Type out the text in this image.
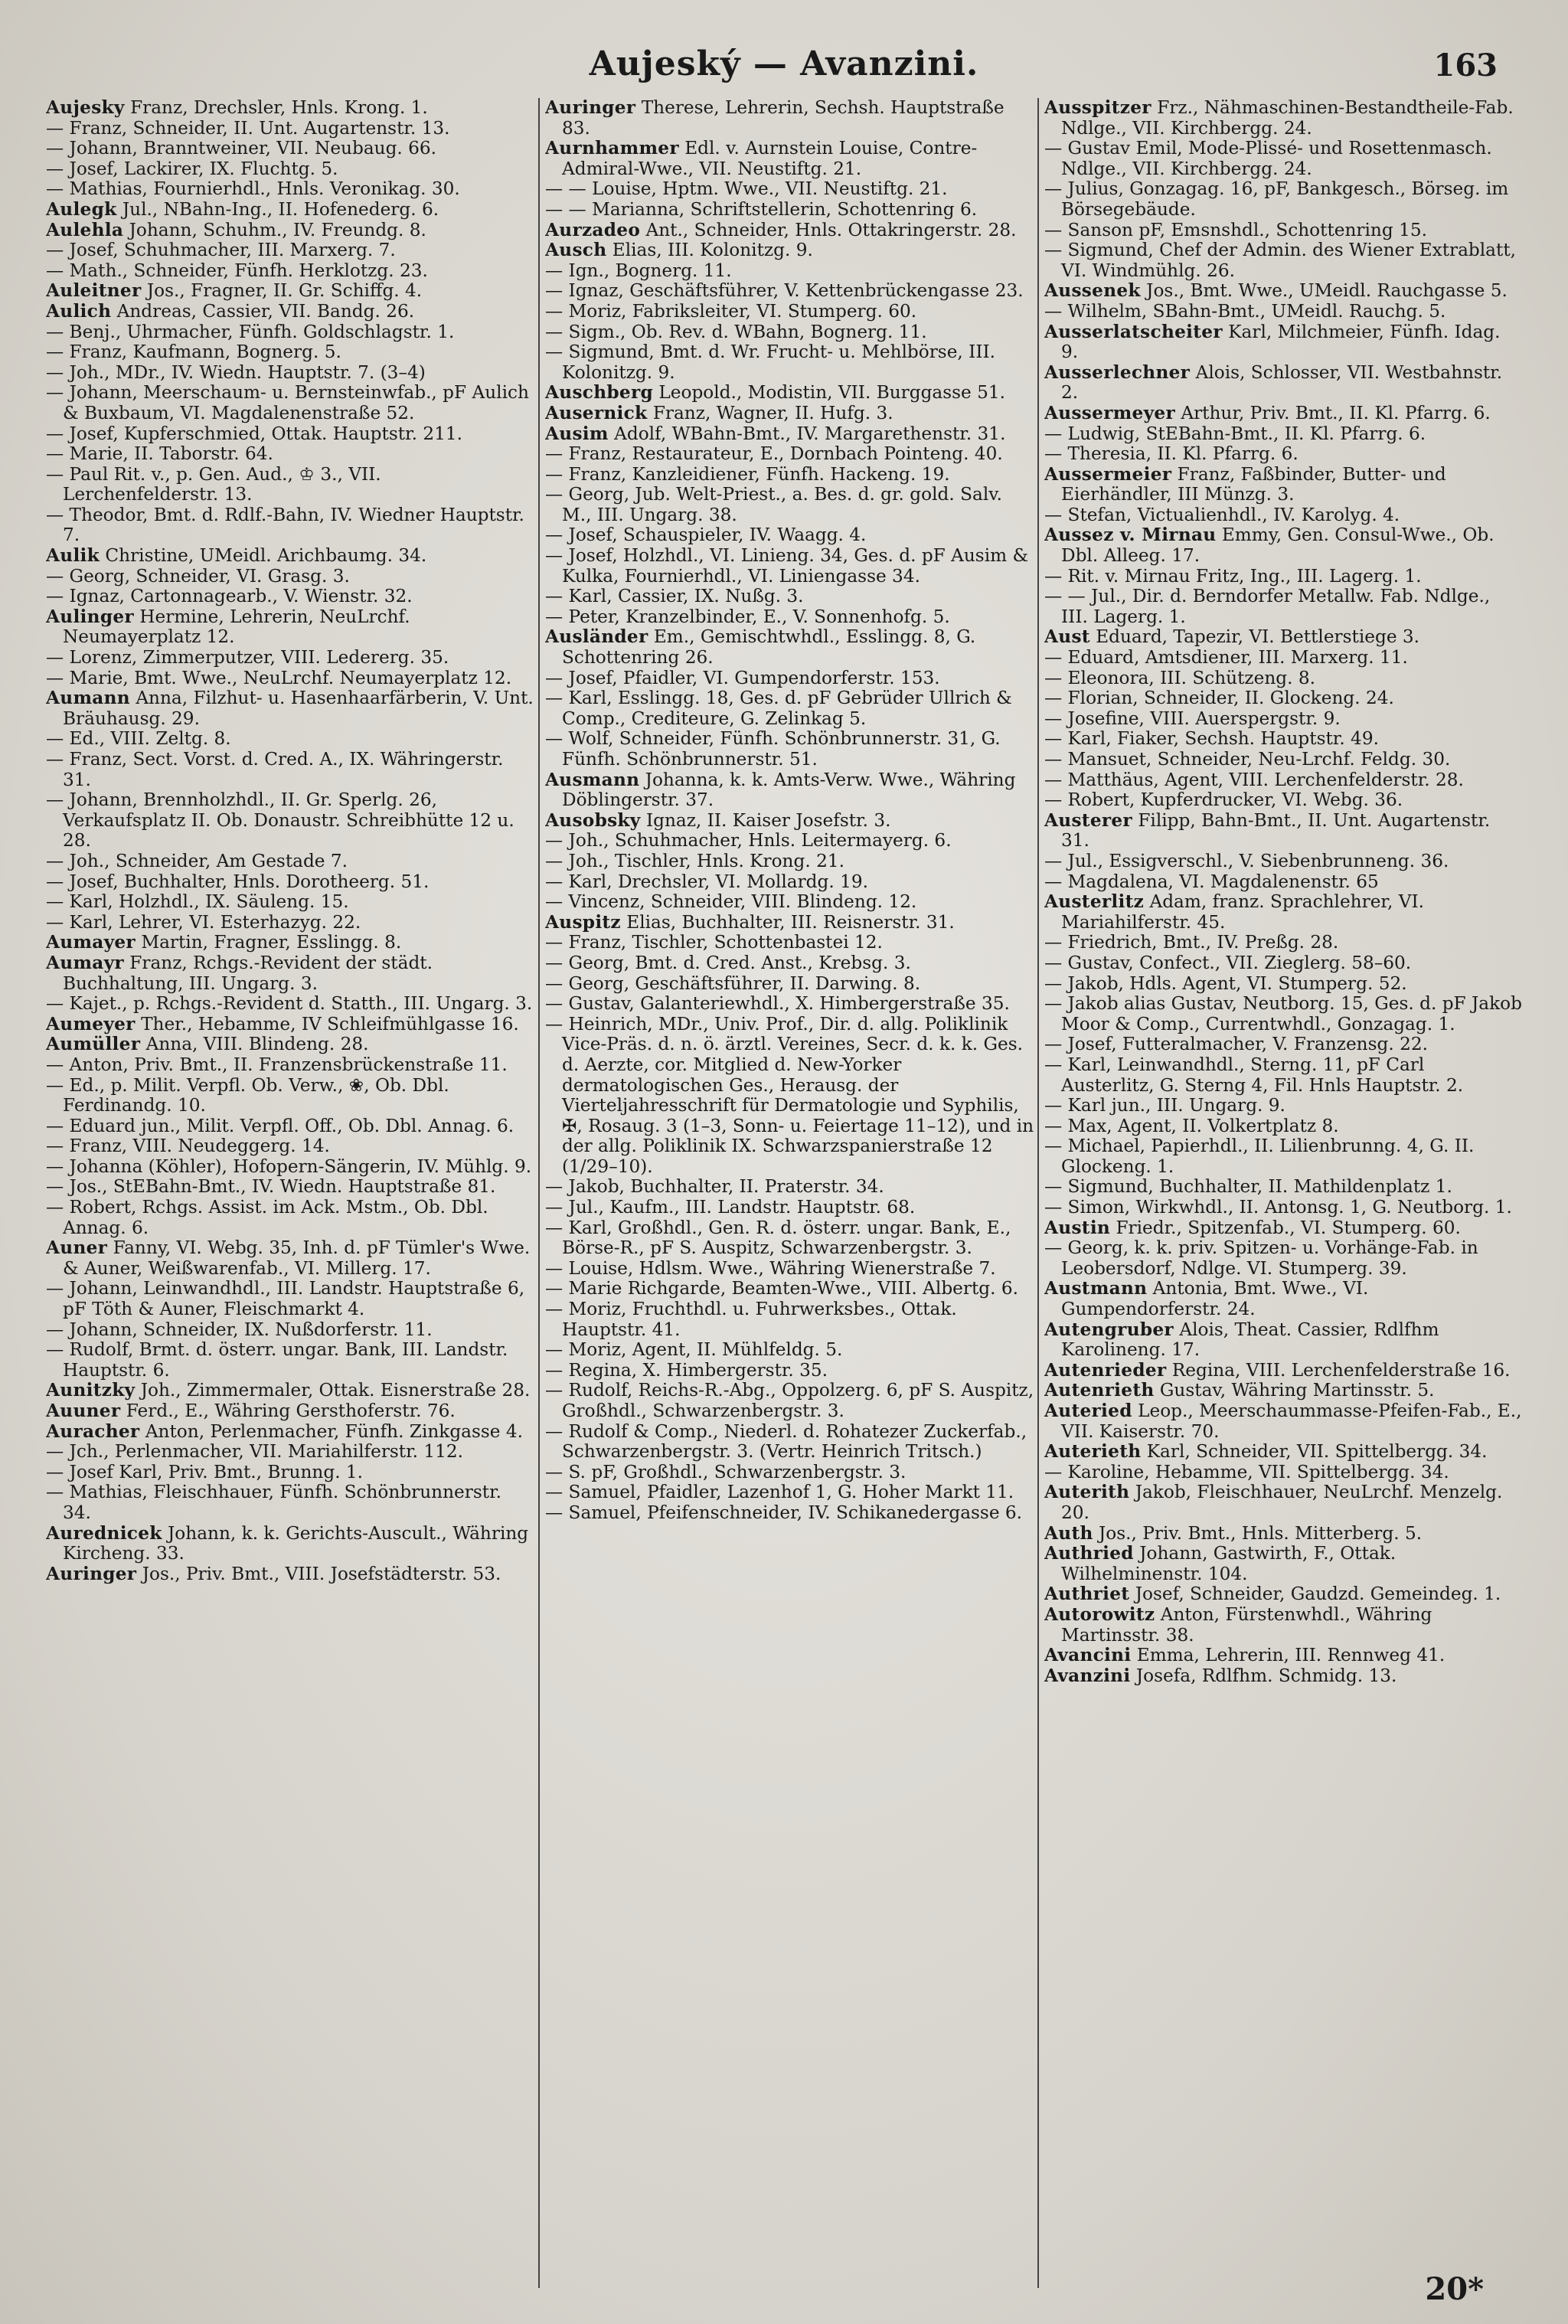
Aujeský — Avanzini.	163

Aujesky Franz, Drechsler, Hnls. Krong. 1.

— Franz, Schneider, II. Unt. Augartenstr. 13.

— Johann, Branntweiner, VII. Neubaug. 66.

— Josef, Lackirer, IX. Fluchtg. 5.

— Mathias, Fournierhdl., Hnls. Veronikag. 30.

Aulegk Jul., NBahn-Ing., II. Hofenederg. 6.

Aulehla Johann, Schuhm., IV. Freundg. 8.

— Josef, Schuhmacher, III. Marxerg. 7.

— Math., Schneider, Fünfh. Herklotzg. 23.

Auleitner Jos., Fragner, II. Gr. Schiffg. 4.

Aulich Andreas, Cassier, VII. Bandg. 26.

— Benj., Uhrmacher, Fünfh. Goldschlagstr. 1.

— Franz, Kaufmann, Bognerg. 5.

— Joh., MDr., IV. Wiedn. Hauptstr. 7. (3–4)

— Johann, Meerschaum- u. Bernsteinwfab., pF Aulich & Buxbaum, VI. Magdalenenstraße 52.

— Josef, Kupferschmied, Ottak. Hauptstr. 211.

— Marie, II. Taborstr. 64.

— Paul Rit. v., p. Gen. Aud., ♔ 3., VII. Lerchenfelderstr. 13.

— Theodor, Bmt. d. Rdlf.-Bahn, IV. Wiedner Hauptstr. 7.

Aulik Christine, UMeidl. Arichbaumg. 34.

— Georg, Schneider, VI. Grasg. 3.

— Ignaz, Cartonnagearb., V. Wienstr. 32.

Aulinger Hermine, Lehrerin, NeuLrchf. Neumayerplatz 12.

— Lorenz, Zimmerputzer, VIII. Ledererg. 35.

— Marie, Bmt. Wwe., NeuLrchf. Neumayerplatz 12.

Aumann Anna, Filzhut- u. Hasenhaarfärberin, V. Unt. Bräuhausg. 29.

— Ed., VIII. Zeltg. 8.

— Franz, Sect. Vorst. d. Cred. A., IX. Währingerstr. 31.

— Johann, Brennholzhdl., II. Gr. Sperlg. 26, Verkaufsplatz II. Ob. Donaustr. Schreibhütte 12 u. 28.

— Joh., Schneider, Am Gestade 7.

— Josef, Buchhalter, Hnls. Dorotheerg. 51.

— Karl, Holzhdl., IX. Säuleng. 15.

— Karl, Lehrer, VI. Esterhazyg. 22.

Aumayer Martin, Fragner, Esslingg. 8.

Aumayr Franz, Rchgs.-Revident der städt. Buchhaltung, III. Ungarg. 3.

— Kajet., p. Rchgs.-Revident d. Statth., III. Ungarg. 3.

Aumeyer Ther., Hebamme, IV Schleifmühlgasse 16.

Aumüller Anna, VIII. Blindeng. 28.

— Anton, Priv. Bmt., II. Franzensbrückenstraße 11.

— Ed., p. Milit. Verpfl. Ob. Verw., ❀, Ob. Dbl. Ferdinandg. 10.

— Eduard jun., Milit. Verpfl. Off., Ob. Dbl. Annag. 6.

— Franz, VIII. Neudeggerg. 14.

— Johanna (Köhler), Hofopern-Sängerin, IV. Mühlg. 9.

— Jos., StEBahn-Bmt., IV. Wiedn. Hauptstraße 81.

— Robert, Rchgs. Assist. im Ack. Mstm., Ob. Dbl. Annag. 6.

Auner Fanny, VI. Webg. 35, Inh. d. pF Tümler's Wwe. & Auner, Weißwarenfab., VI. Millerg. 17.

— Johann, Leinwandhdl., III. Landstr. Hauptstraße 6, pF Töth & Auner, Fleischmarkt 4.

— Johann, Schneider, IX. Nußdorferstr. 11.

— Rudolf, Brmt. d. österr. ungar. Bank, III. Landstr. Hauptstr. 6.

Aunitzky Joh., Zimmermaler, Ottak. Eisnerstraße 28.

Auuner Ferd., E., Währing Gersthoferstr. 76.

Auracher Anton, Perlenmacher, Fünfh. Zinkgasse 4.

— Jch., Perlenmacher, VII. Mariahilferstr. 112.

— Josef Karl, Priv. Bmt., Brunng. 1.

— Mathias, Fleischhauer, Fünfh. Schönbrunnerstr. 34.

Aurednicek Johann, k. k. Gerichts-Auscult., Währing Kircheng. 33.

Auringer Jos., Priv. Bmt., VIII. Josefstädterstr. 53.

Auringer Therese, Lehrerin, Sechsh. Hauptstraße 83.

Aurnhammer Edl. v. Aurnstein Louise, Contre-Admiral-Wwe., VII. Neustiftg. 21.

— — Louise, Hptm. Wwe., VII. Neustiftg. 21.

— — Marianna, Schriftstellerin, Schottenring 6.

Aurzadeo Ant., Schneider, Hnls. Ottakringerstr. 28.

Ausch Elias, III. Kolonitzg. 9.

— Ign., Bognerg. 11.

— Ignaz, Geschäftsführer, V. Kettenbrückengasse 23.

— Moriz, Fabriksleiter, VI. Stumperg. 60.

— Sigm., Ob. Rev. d. WBahn, Bognerg. 11.

— Sigmund, Bmt. d. Wr. Frucht- u. Mehlbörse, III. Kolonitzg. 9.

Auschberg Leopold., Modistin, VII. Burggasse 51.

Ausernick Franz, Wagner, II. Hufg. 3.

Ausim Adolf, WBahn-Bmt., IV. Margarethenstr. 31.

— Franz, Restaurateur, E., Dornbach Pointeng. 40.

— Franz, Kanzleidiener, Fünfh. Hackeng. 19.

— Georg, Jub. Welt-Priest., a. Bes. d. gr. gold. Salv. M., III. Ungarg. 38.

— Josef, Schauspieler, IV. Waagg. 4.

— Josef, Holzhdl., VI. Linieng. 34, Ges. d. pF Ausim & Kulka, Fournierhdl., VI. Liniengasse 34.

— Karl, Cassier, IX. Nußg. 3.

— Peter, Kranzelbinder, E., V. Sonnenhofg. 5.

Ausländer Em., Gemischtwhdl., Esslingg. 8, G. Schottenring 26.

— Josef, Pfaidler, VI. Gumpendorferstr. 153.

— Karl, Esslingg. 18, Ges. d. pF Gebrüder Ullrich & Comp., Crediteure, G. Zelinkag 5.

— Wolf, Schneider, Fünfh. Schönbrunnerstr. 31, G. Fünfh. Schönbrunnerstr. 51.

Ausmann Johanna, k. k. Amts-Verw. Wwe., Währing Döblingerstr. 37.

Ausobsky Ignaz, II. Kaiser Josefstr. 3.

— Joh., Schuhmacher, Hnls. Leitermayerg. 6.

— Joh., Tischler, Hnls. Krong. 21.

— Karl, Drechsler, VI. Mollardg. 19.

— Vincenz, Schneider, VIII. Blindeng. 12.

Auspitz Elias, Buchhalter, III. Reisnerstr. 31.

— Franz, Tischler, Schottenbastei 12.

— Georg, Bmt. d. Cred. Anst., Krebsg. 3.

— Georg, Geschäftsführer, II. Darwing. 8.

— Gustav, Galanteriewhdl., X. Himbergerstraße 35.

— Heinrich, MDr., Univ. Prof., Dir. d. allg. Poliklinik Vice-Präs. d. n. ö. ärztl. Vereines, Secr. d. k. k. Ges. d. Aerzte, cor. Mitglied d. New-Yorker dermatologischen Ges., Herausg. der Vierteljahresschrift für Dermatologie und Syphilis, ✠, Rosaug. 3 (1–3, Sonn- u. Feiertage 11–12), und in der allg. Poliklinik IX. Schwarzspanierstraße 12 (1/29–10).

— Jakob, Buchhalter, II. Praterstr. 34.

— Jul., Kaufm., III. Landstr. Hauptstr. 68.

— Karl, Großhdl., Gen. R. d. österr. ungar. Bank, E., Börse-R., pF S. Auspitz, Schwarzenbergstr. 3.

— Louise, Hdlsm. Wwe., Währing Wienerstraße 7.

— Marie Richgarde, Beamten-Wwe., VIII. Albertg. 6.

— Moriz, Fruchthdl. u. Fuhrwerksbes., Ottak. Hauptstr. 41.

— Moriz, Agent, II. Mühlfeldg. 5.

— Regina, X. Himbergerstr. 35.

— Rudolf, Reichs-R.-Abg., Oppolzerg. 6, pF S. Auspitz, Großhdl., Schwarzenbergstr. 3.

— Rudolf & Comp., Niederl. d. Rohatezer Zuckerfab., Schwarzenbergstr. 3. (Vertr. Heinrich Tritsch.)

— S. pF, Großhdl., Schwarzenbergstr. 3.

— Samuel, Pfaidler, Lazenhof 1, G. Hoher Markt 11.

— Samuel, Pfeifenschneider, IV. Schikanedergasse 6.

Ausspitzer Frz., Nähmaschinen-Bestandtheile-Fab. Ndlge., VII. Kirchbergg. 24.

— Gustav Emil, Mode-Plissé- und Rosettenmasch. Ndlge., VII. Kirchbergg. 24.

— Julius, Gonzagag. 16, pF, Bankgesch., Börseg. im Börsegebäude.

— Sanson pF, Emsnshdl., Schottenring 15.

— Sigmund, Chef der Admin. des Wiener Extrablatt, VI. Windmühlg. 26.

Aussenek Jos., Bmt. Wwe., UMeidl. Rauchgasse 5.

— Wilhelm, SBahn-Bmt., UMeidl. Rauchg. 5.

Ausserlatscheiter Karl, Milchmeier, Fünfh. Idag. 9.

Ausserlechner Alois, Schlosser, VII. Westbahnstr. 2.

Aussermeyer Arthur, Priv. Bmt., II. Kl. Pfarrg. 6.

— Ludwig, StEBahn-Bmt., II. Kl. Pfarrg. 6.

— Theresia, II. Kl. Pfarrg. 6.

Aussermeier Franz, Faßbinder, Butter- und Eierhändler, III Münzg. 3.

— Stefan, Victualienhdl., IV. Karolyg. 4.

Aussez v. Mirnau Emmy, Gen. Consul-Wwe., Ob. Dbl. Alleeg. 17.

— Rit. v. Mirnau Fritz, Ing., III. Lagerg. 1.

— — Jul., Dir. d. Berndorfer Metallw. Fab. Ndlge., III. Lagerg. 1.

Aust Eduard, Tapezir, VI. Bettlerstiege 3.

— Eduard, Amtsdiener, III. Marxerg. 11.

— Eleonora, III. Schützeng. 8.

— Florian, Schneider, II. Glockeng. 24.

— Josefine, VIII. Auerspergstr. 9.

— Karl, Fiaker, Sechsh. Hauptstr. 49.

— Mansuet, Schneider, Neu-Lrchf. Feldg. 30.

— Matthäus, Agent, VIII. Lerchenfelderstr. 28.

— Robert, Kupferdrucker, VI. Webg. 36.

Austerer Filipp, Bahn-Bmt., II. Unt. Augartenstr. 31.

— Jul., Essigverschl., V. Siebenbrunneng. 36.

— Magdalena, VI. Magdalenenstr. 65

Austerlitz Adam, franz. Sprachlehrer, VI. Mariahilferstr. 45.

— Friedrich, Bmt., IV. Preßg. 28.

— Gustav, Confect., VII. Zieglerg. 58–60.

— Jakob, Hdls. Agent, VI. Stumperg. 52.

— Jakob alias Gustav, Neutborg. 15, Ges. d. pF Jakob Moor & Comp., Currentwhdl., Gonzagag. 1.

— Josef, Futteralmacher, V. Franzensg. 22.

— Karl, Leinwandhdl., Sterng. 11, pF Carl Austerlitz, G. Sterng 4, Fil. Hnls Hauptstr. 2.

— Karl jun., III. Ungarg. 9.

— Max, Agent, II. Volkertplatz 8.

— Michael, Papierhdl., II. Lilienbrunng. 4, G. II. Glockeng. 1.

— Sigmund, Buchhalter, II. Mathildenplatz 1.

— Simon, Wirkwhdl., II. Antonsg. 1, G. Neutborg. 1.

Austin Friedr., Spitzenfab., VI. Stumperg. 60.

— Georg, k. k. priv. Spitzen- u. Vorhänge-Fab. in Leobersdorf, Ndlge. VI. Stumperg. 39.

Austmann Antonia, Bmt. Wwe., VI. Gumpendorferstr. 24.

Autengruber Alois, Theat. Cassier, Rdlfhm Karolineng. 17.

Autenrieder Regina, VIII. Lerchenfelderstraße 16.

Autenrieth Gustav, Währing Martinsstr. 5.

Auteried Leop., Meerschaummasse-Pfeifen-Fab., E., VII. Kaiserstr. 70.

Auterieth Karl, Schneider, VII. Spittelbergg. 34.

— Karoline, Hebamme, VII. Spittelbergg. 34.

Auterith Jakob, Fleischhauer, NeuLrchf. Menzelg. 20.

Auth Jos., Priv. Bmt., Hnls. Mitterberg. 5.

Authried Johann, Gastwirth, F., Ottak. Wilhelminenstr. 104.

Authriet Josef, Schneider, Gaudzd. Gemeindeg. 1.

Autorowitz Anton, Fürstenwhdl., Währing Martinsstr. 38.

Avancini Emma, Lehrerin, III. Rennweg 41.

Avanzini Josefa, Rdlfhm. Schmidg. 13.

20*
